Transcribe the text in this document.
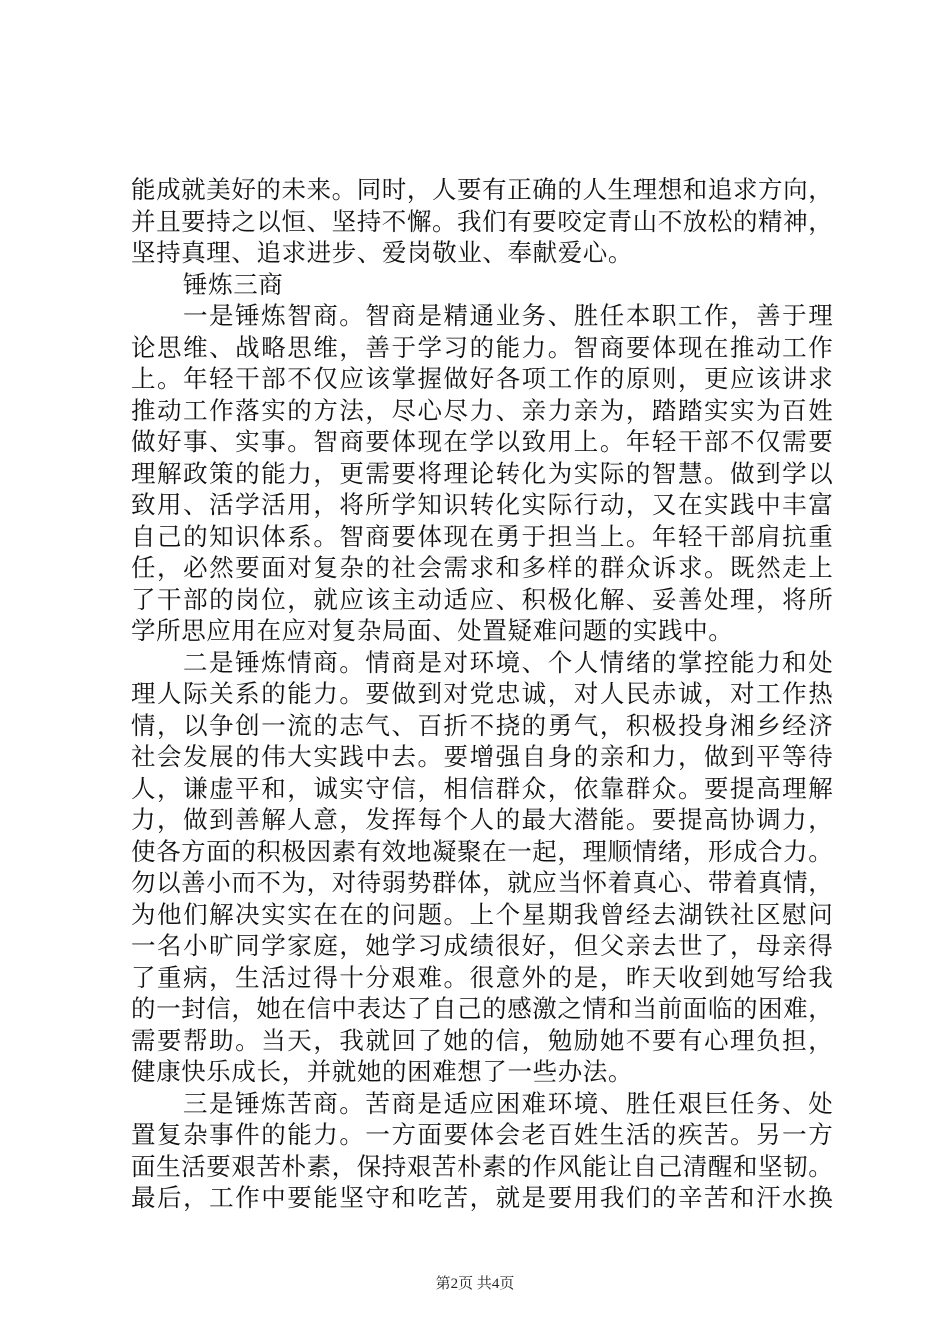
能成就美好的未来。同时，人要有正确的人生理想和追求方向，
并且要持之以恒、坚持不懈。我们有要咬定青山不放松的精神，
坚持真理、追求进步、爱岗敬业、奉献爱心。
锤炼三商
一是锤炼智商。智商是精通业务、胜任本职工作，善于理
论思维、战略思维，善于学习的能力。智商要体现在推动工作
上。年轻干部不仅应该掌握做好各项工作的原则，更应该讲求
推动工作落实的方法，尽心尽力、亲力亲为，踏踏实实为百姓
做好事、实事。智商要体现在学以致用上。年轻干部不仅需要
理解政策的能力，更需要将理论转化为实际的智慧。做到学以
致用、活学活用，将所学知识转化实际行动，又在实践中丰富
自己的知识体系。智商要体现在勇于担当上。年轻干部肩抗重
任，必然要面对复杂的社会需求和多样的群众诉求。既然走上
了干部的岗位，就应该主动适应、积极化解、妥善处理，将所
学所思应用在应对复杂局面、处置疑难问题的实践中。
二是锤炼情商。情商是对环境、个人情绪的掌控能力和处
理人际关系的能力。要做到对党忠诚，对人民赤诚，对工作热
情，以争创一流的志气、百折不挠的勇气，积极投身湘乡经济
社会发展的伟大实践中去。要增强自身的亲和力，做到平等待
人，谦虚平和，诚实守信，相信群众，依靠群众。要提高理解
力，做到善解人意，发挥每个人的最大潜能。要提高协调力，
使各方面的积极因素有效地凝聚在一起，理顺情绪，形成合力。
勿以善小而不为，对待弱势群体，就应当怀着真心、带着真情，
为他们解决实实在在的问题。上个星期我曾经去湖铁社区慰问
一名小旷同学家庭，她学习成绩很好，但父亲去世了，母亲得
了重病，生活过得十分艰难。很意外的是，昨天收到她写给我
的一封信，她在信中表达了自己的感激之情和当前面临的困难，
需要帮助。当天，我就回了她的信，勉励她不要有心理负担，
健康快乐成长，并就她的困难想了一些办法。
三是锤炼苦商。苦商是适应困难环境、胜任艰巨任务、处
置复杂事件的能力。一方面要体会老百姓生活的疾苦。另一方
面生活要艰苦朴素，保持艰苦朴素的作风能让自己清醒和坚韧。
最后，工作中要能坚守和吃苦，就是要用我们的辛苦和汗水换
第2页 共4页
